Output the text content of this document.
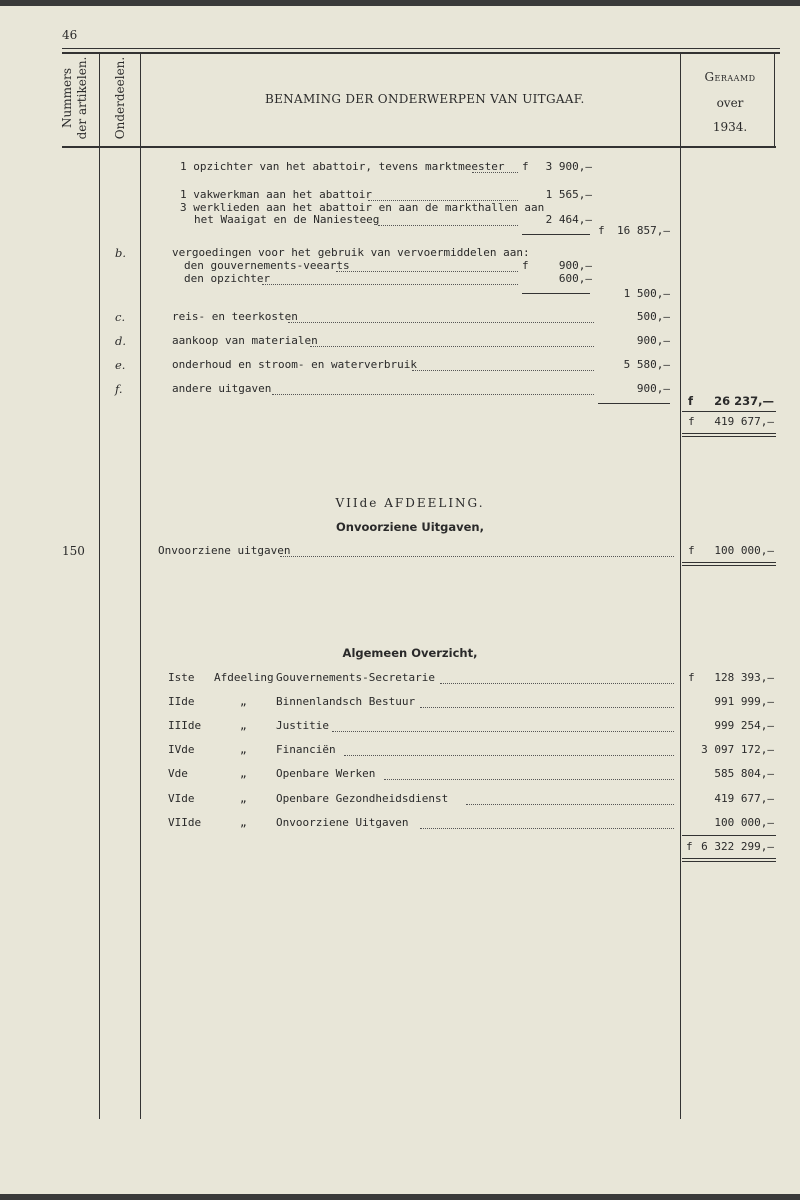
46
Nummers der artikelen. Onderdeelen.	BENAMING DER ONDERWERPEN VAN UITGAAF.
Geraamd
over
1934.
1 opzichter van het abattoir, tevens marktmeester f	3 900,—
1 vakwerkman aan het abattoir	1 565,—
3 werklieden aan het abattoir en aan de markthallen aan
het Waaigat en de Naniesteeg	2 464,—
f	16 857,—
b.	vergoedingen voor het gebruik van vervoermiddelen aan:
den gouvernements-veearts	f	900,—
den opzichter	600,—
1 500,—
c.	reis- en teerkosten	500,—
d.	aankoop van materialen	900,—
e.	onderhoud en stroom- en waterverbruik	5 580,—
f.	andere uitgaven	900,—
f	26 237,—
f	419 677,—
VIIde AFDEELING.
Onvoorziene Uitgaven,
150	Onvoorziene uitgaven	f	100 000,—
Algemeen Overzicht,
Iste Afdeeling Gouvernements-Secretarie	f	128 393,—
IIde	„	Binnenlandsch Bestuur	991 999,—
IIIde	„	Justitie	999 254,—
IVde	„	Financiën	3 097 172,—
Vde	„	Openbare Werken	585 804,—
VIde	„	Openbare Gezondheidsdienst	419 677,—
VIIde	„	Onvoorziene Uitgaven	100 000,—
f 6 322 299,—
